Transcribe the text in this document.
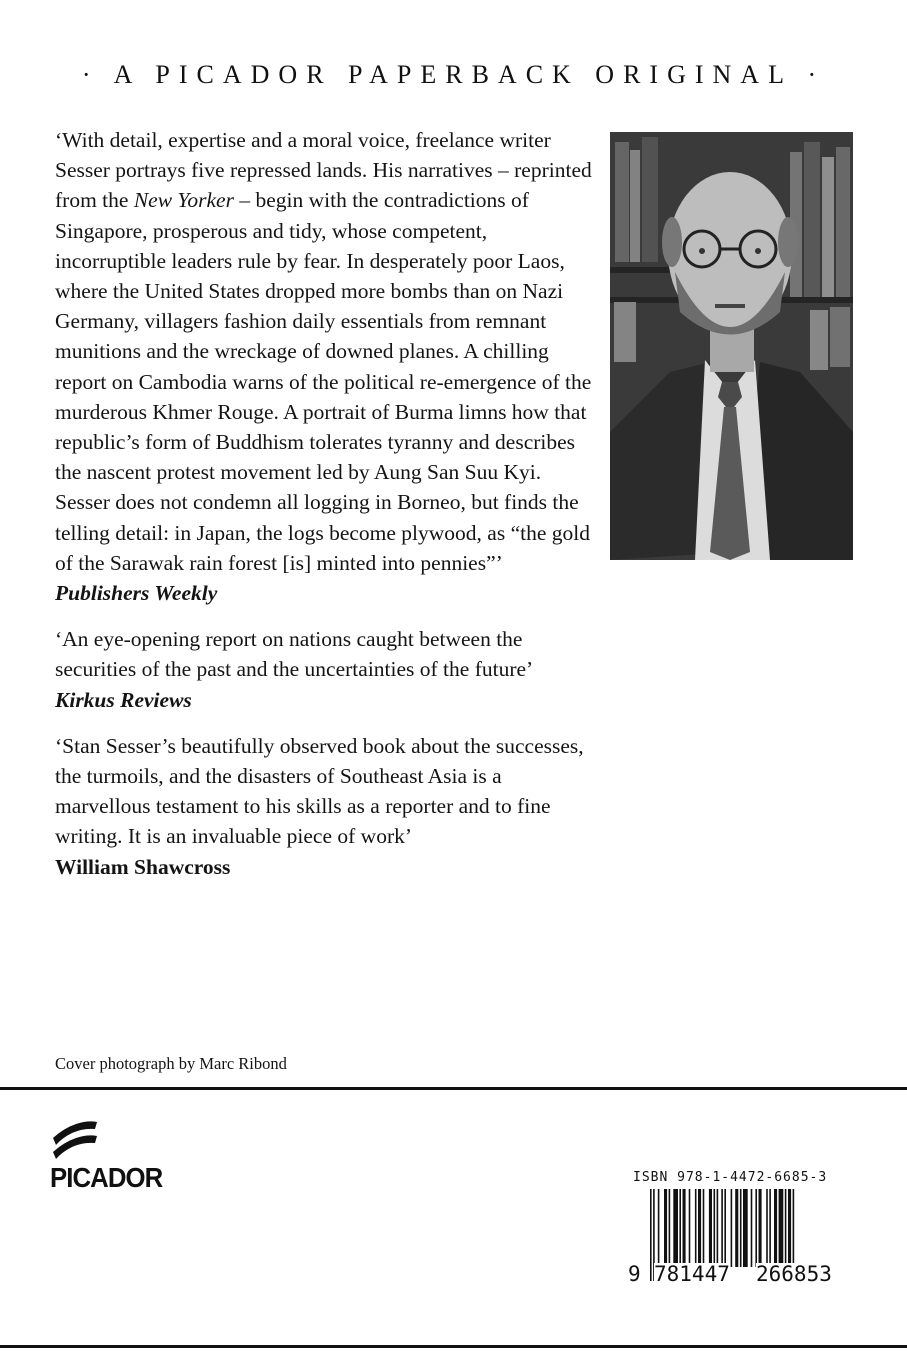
· A PICADOR PAPERBACK ORIGINAL ·

‘With detail, expertise and a moral voice, freelance writer Sesser portrays five repressed lands. His narratives – reprinted from the New Yorker – begin with the contradictions of Singapore, prosperous and tidy, whose competent, incorruptible leaders rule by fear. In desperately poor Laos, where the United States dropped more bombs than on Nazi Germany, villagers fashion daily essentials from remnant munitions and the wreckage of downed planes. A chilling report on Cambodia warns of the political re-emergence of the murderous Khmer Rouge. A portrait of Burma limns how that republic’s form of Buddhism tolerates tyranny and describes the nascent protest movement led by Aung San Suu Kyi. Sesser does not condemn all logging in Borneo, but finds the telling detail: in Japan, the logs become plywood, as “the gold of the Sarawak rain forest [is] minted into pennies”’

Publishers Weekly

‘An eye-opening report on nations caught between the securities of the past and the uncertainties of the future’

Kirkus Reviews

‘Stan Sesser’s beautifully observed book about the successes, the turmoils, and the disasters of Southeast Asia is a marvellous testament to his skills as a reporter and to fine writing. It is an invaluable piece of work’

William Shawcross

Cover photograph by Marc Ribond
PICADOR	ISBN 978-1-4472-6685-3
9 781447 266853
